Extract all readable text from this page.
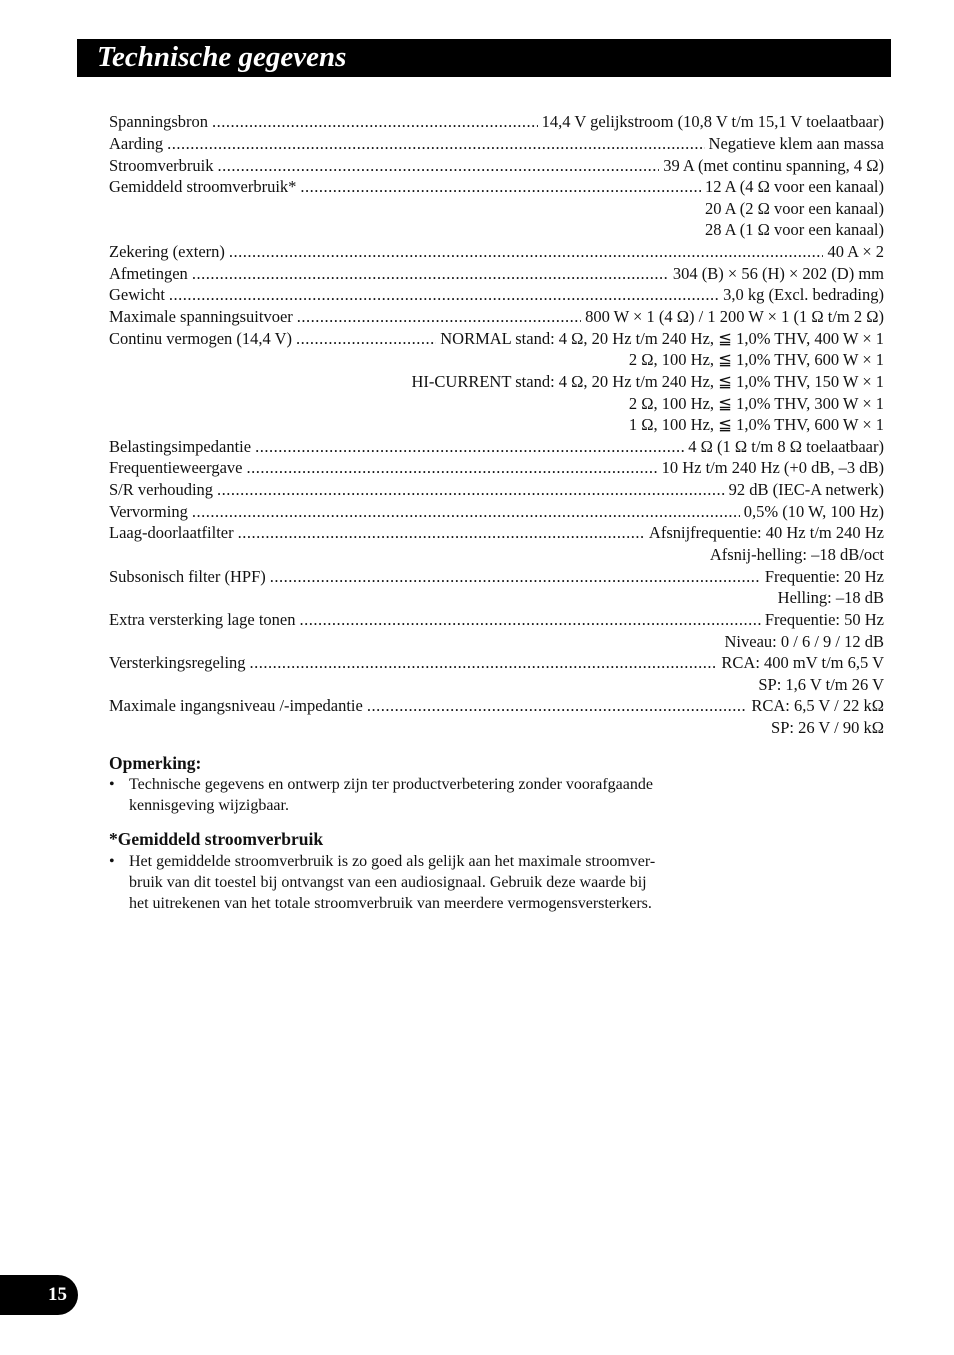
Technische gegevens
Spanningsbron .....	14,4 V gelijkstroom (10,8 V t/m 15,1 V toelaatbaar)
Aarding .....	Negatieve klem aan massa
Stroomverbruik .....	39 A (met continu spanning, 4 Ω)
Gemiddeld stroomverbruik* .....	12 A (4 Ω voor een kanaal)
20 A (2 Ω voor een kanaal)
28 A (1 Ω voor een kanaal)
Zekering (extern) .....	40 A × 2
Afmetingen .....	304 (B) × 56 (H) × 202 (D) mm
Gewicht .....	3,0 kg (Excl. bedrading)
Maximale spanningsuitvoer .....	800 W × 1 (4 Ω) / 1 200 W × 1 (1 Ω t/m 2 Ω)
Continu vermogen (14,4 V) .....	NORMAL stand: 4 Ω, 20 Hz t/m 240 Hz, ≦ 1,0% THV, 400 W × 1
2 Ω, 100 Hz, ≦ 1,0% THV, 600 W × 1
HI-CURRENT stand: 4 Ω, 20 Hz t/m 240 Hz, ≦ 1,0% THV, 150 W × 1
2 Ω, 100 Hz, ≦ 1,0% THV, 300 W × 1
1 Ω, 100 Hz, ≦ 1,0% THV, 600 W × 1
Belastingsimpedantie .....	4 Ω (1 Ω t/m 8 Ω toelaatbaar)
Frequentieweergave .....	10 Hz t/m 240 Hz (+0 dB, –3 dB)
S/R verhouding .....	92 dB (IEC-A netwerk)
Vervorming .....	0,5% (10 W, 100 Hz)
Laag-doorlaatfilter .....	Afsnijfrequentie: 40 Hz t/m 240 Hz
Afsnij-helling: –18 dB/oct
Subsonisch filter (HPF) .....	Frequentie: 20 Hz
Helling: –18 dB
Extra versterking lage tonen .....	Frequentie: 50 Hz
Niveau: 0 / 6 / 9 / 12 dB
Versterkingsregeling .....	RCA: 400 mV t/m 6,5 V
SP: 1,6 V t/m 26 V
Maximale ingangsniveau /-impedantie .....	RCA: 6,5 V / 22 kΩ
SP: 26 V / 90 kΩ
Opmerking:
• Technische gegevens en ontwerp zijn ter productverbetering zonder voorafgaande
kennisgeving wijzigbaar.
*Gemiddeld stroomverbruik
• Het gemiddelde stroomverbruik is zo goed als gelijk aan het maximale stroomver-
bruik van dit toestel bij ontvangst van een audiosignaal. Gebruik deze waarde bij
het uitrekenen van het totale stroomverbruik van meerdere vermogensversterkers.
15
